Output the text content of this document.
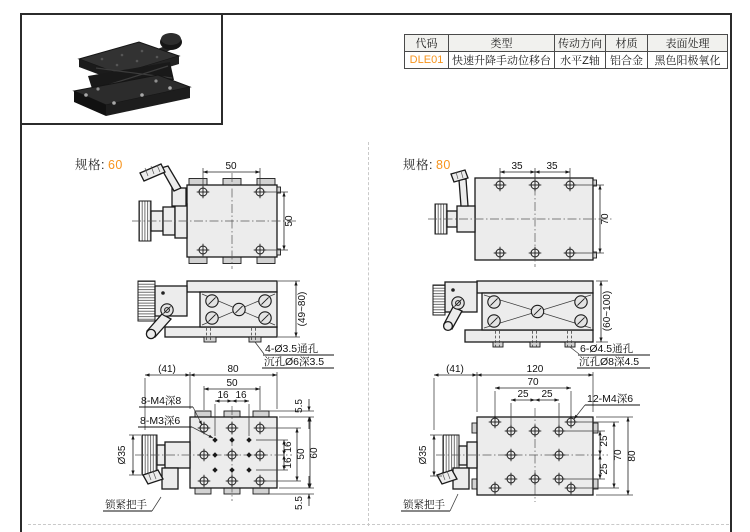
代码	类型	传动方向	材质	表面处理
DLE01	快速升降手动位移台	水平Z轴	铝合金	黑色阳极氧化
规格: 60	规格: 80
50
50
(49~80)
4-Ø3.5通孔
沉孔Ø6深3.5
(41)	80
50
16 16
8-M4深8
8-M3深6
Ø35	16
16
50 60
5.5
5.5
锁紧把手
35 35
70
(60~100)
6-Ø4.5通孔
沉孔Ø8深4.5
(41)	120
70
25 25	12-M4深6
Ø35
25
25
70 80
锁紧把手
